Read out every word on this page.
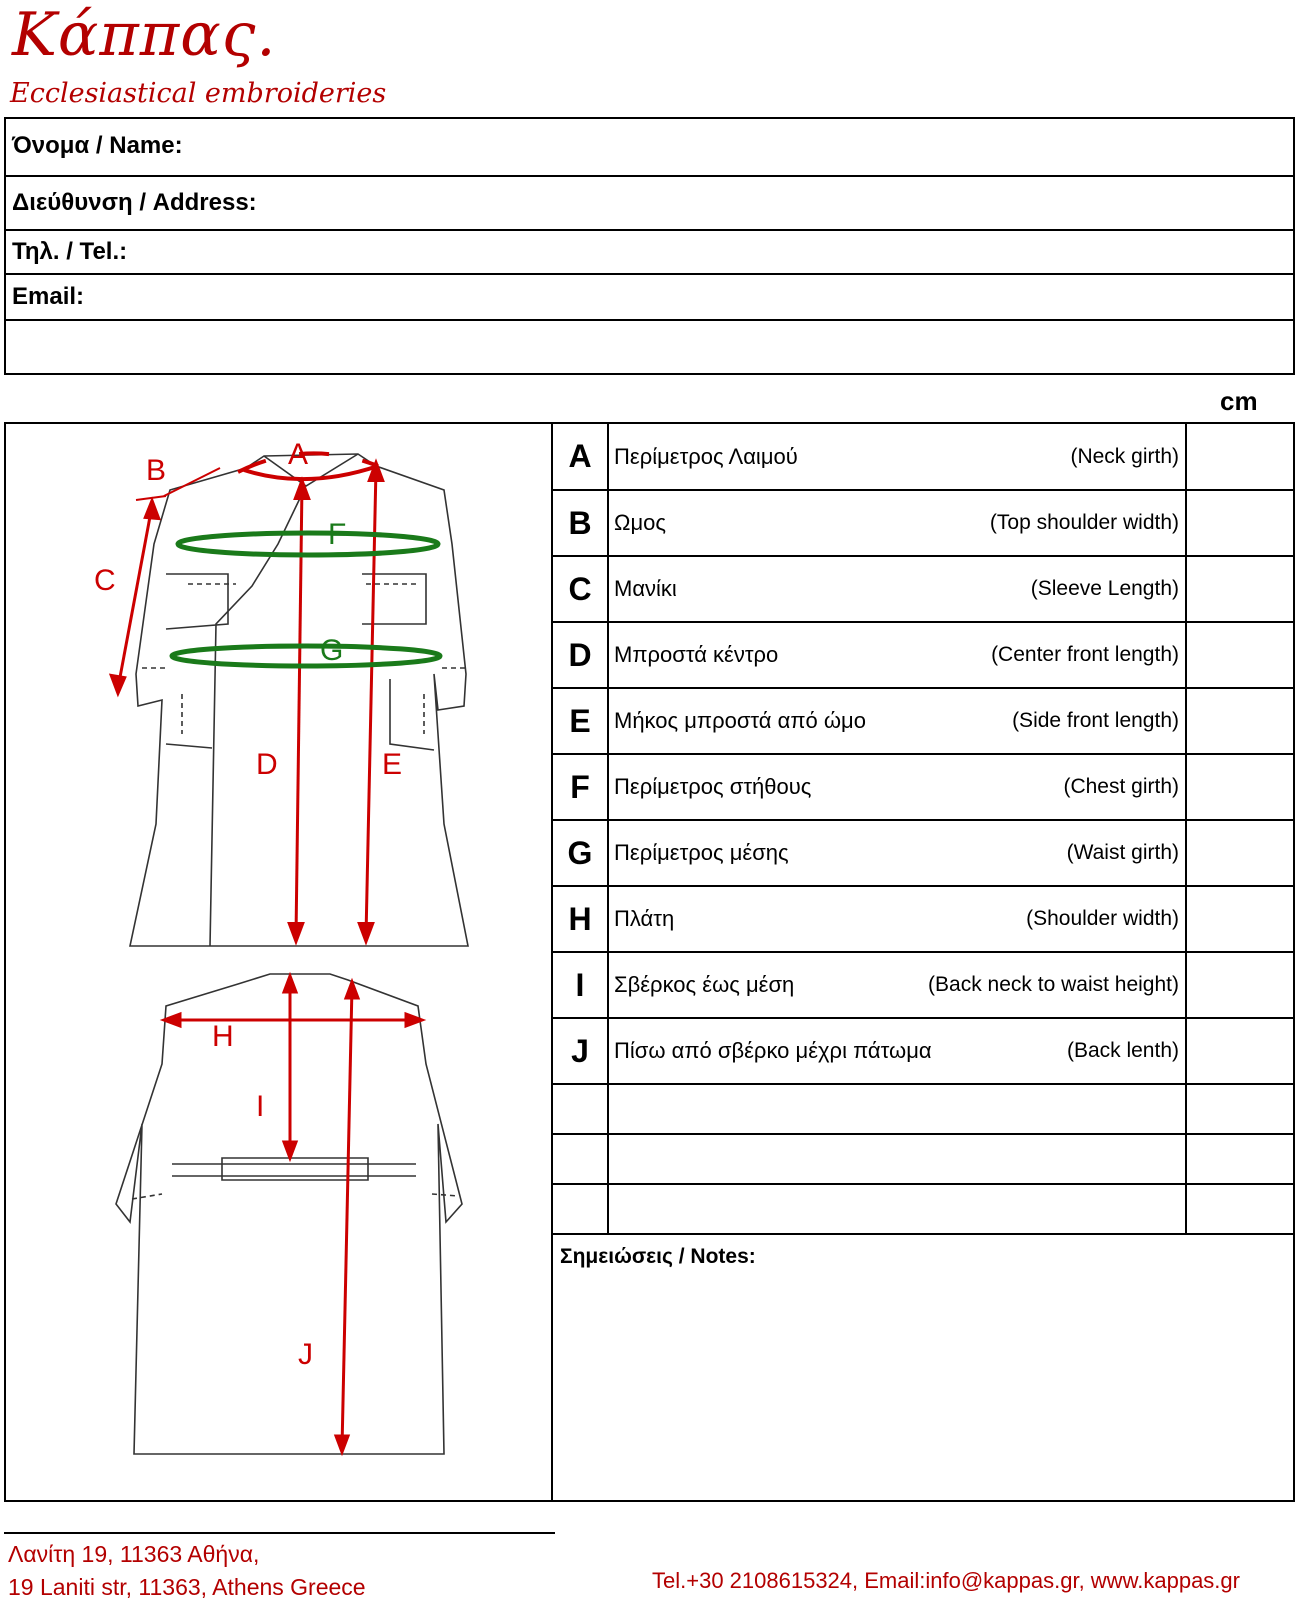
Κάππας.
Ecclesiastical embroideries
Όνομα / Name:
Διεύθυνση / Address:
Τηλ. / Tel.:
Email:
cm
A
B
C
D	E
H
I
J
F
G
A	Περίμετρος Λαιμού (Neck girth)	

B	Ωμος (Top shoulder width)	

C	Μανίκι (Sleeve Length)	

D	Μπροστά κέντρο (Center front length)	

E	Μήκος μπροστά από ώμο (Side front length)	

F	Περίμετρος στήθους (Chest girth)	

G	Περίμετρος μέσης (Waist girth)	

H	Πλάτη (Shoulder width)	

I	Σβέρκος έως μέση (Back neck to waist height)	

J	Πίσω από σβέρκο μέχρι πάτωμα (Back lenth)	

Σημειώσεις / Notes:
Λανίτη 19, 11363 Αθήνα,
19 Laniti str, 11363, Athens Greece	Tel.+30 2108615324, Email:info@kappas.gr, www.kappas.gr
